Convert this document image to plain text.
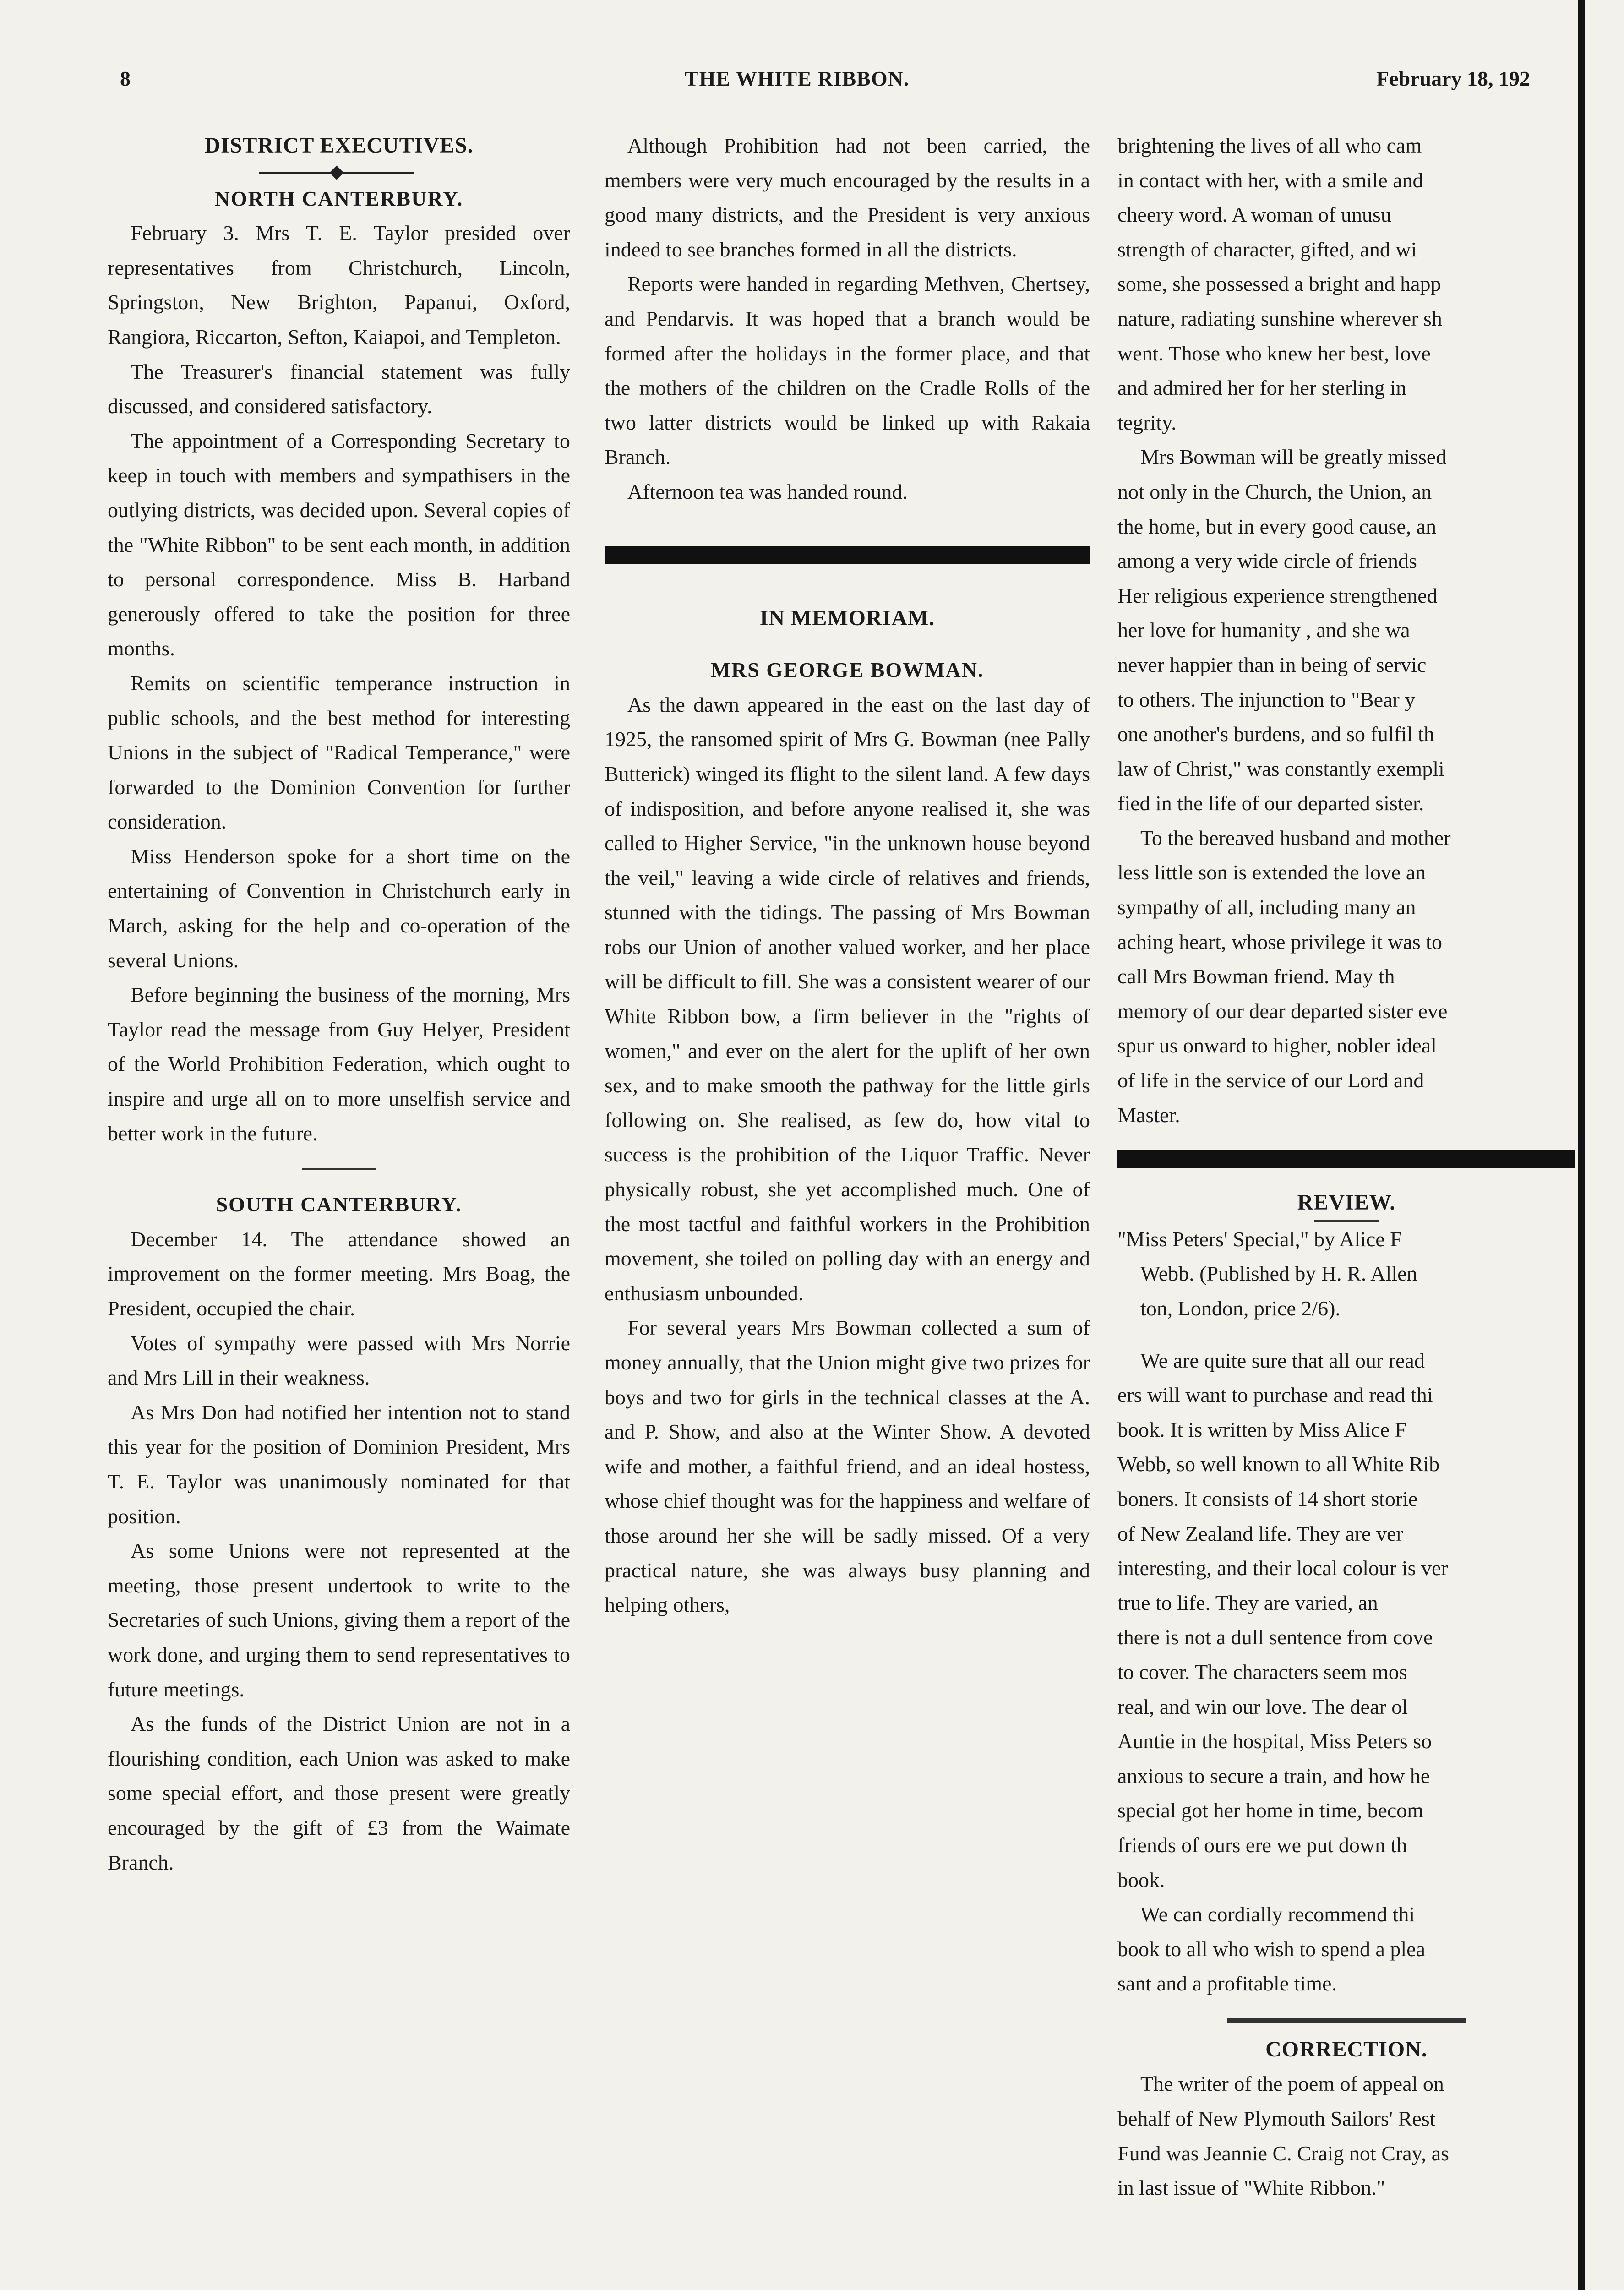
8	THE WHITE RIBBON.	February 18, 192
DISTRICT EXECUTIVES.
NORTH CANTERBURY.

February 3. Mrs T. E. Taylor presided over representatives from Christchurch, Lincoln, Springston, New Brighton, Papanui, Oxford, Rangiora, Riccarton, Sefton, Kaiapoi, and Templeton.

The Treasurer's financial statement was fully discussed, and considered satisfactory.

The appointment of a Corresponding Secretary to keep in touch with members and sympathisers in the outlying districts, was decided upon. Several copies of the "White Ribbon" to be sent each month, in addition to personal correspondence. Miss B. Harband generously offered to take the position for three months.

Remits on scientific temperance instruction in public schools, and the best method for interesting Unions in the subject of "Radical Temperance," were forwarded to the Dominion Convention for further consideration.

Miss Henderson spoke for a short time on the entertaining of Convention in Christchurch early in March, asking for the help and co-operation of the several Unions.

Before beginning the business of the morning, Mrs Taylor read the message from Guy Helyer, President of the World Prohibition Federation, which ought to inspire and urge all on to more unselfish service and better work in the future.

SOUTH CANTERBURY.

December 14. The attendance showed an improvement on the former meeting. Mrs Boag, the President, occupied the chair.

Votes of sympathy were passed with Mrs Norrie and Mrs Lill in their weakness.

As Mrs Don had notified her intention not to stand this year for the position of Dominion President, Mrs T. E. Taylor was unanimously nominated for that position.

As some Unions were not represented at the meeting, those present undertook to write to the Secretaries of such Unions, giving them a report of the work done, and urging them to send representatives to future meetings.

As the funds of the District Union are not in a flourishing condition, each Union was asked to make some special effort, and those present were greatly encouraged by the gift of £3 from the Waimate Branch.

Although Prohibition had not been carried, the members were very much encouraged by the results in a good many districts, and the President is very anxious indeed to see branches formed in all the districts.

Reports were handed in regarding Methven, Chertsey, and Pendarvis. It was hoped that a branch would be formed after the holidays in the former place, and that the mothers of the children on the Cradle Rolls of the two latter districts would be linked up with Rakaia Branch.

Afternoon tea was handed round.

IN MEMORIAM.
MRS GEORGE BOWMAN.

As the dawn appeared in the east on the last day of 1925, the ransomed spirit of Mrs G. Bowman (nee Pally Butterick) winged its flight to the silent land. A few days of indisposition, and before anyone realised it, she was called to Higher Service, "in the unknown house beyond the veil," leaving a wide circle of relatives and friends, stunned with the tidings. The passing of Mrs Bowman robs our Union of another valued worker, and her place will be difficult to fill. She was a consistent wearer of our White Ribbon bow, a firm believer in the "rights of women," and ever on the alert for the uplift of her own sex, and to make smooth the pathway for the little girls following on. She realised, as few do, how vital to success is the prohibition of the Liquor Traffic. Never physically robust, she yet accomplished much. One of the most tactful and faithful workers in the Prohibition movement, she toiled on polling day with an energy and enthusiasm unbounded.

For several years Mrs Bowman collected a sum of money annually, that the Union might give two prizes for boys and two for girls in the technical classes at the A. and P. Show, and also at the Winter Show. A devoted wife and mother, a faithful friend, and an ideal hostess, whose chief thought was for the happiness and welfare of those around her she will be sadly missed. Of a very practical nature, she was always busy planning and helping others,

brightening the lives of all who cam

in contact with her, with a smile and

cheery word. A woman of unusu

strength of character, gifted, and wi

some, she possessed a bright and happ

nature, radiating sunshine wherever sh

went. Those who knew her best, love

and admired her for her sterling in

tegrity.

Mrs Bowman will be greatly missed

not only in the Church, the Union, an

the home, but in every good cause, an

among a very wide circle of friends

Her religious experience strengthened

her love for humanity , and she wa

never happier than in being of servic

to others. The injunction to "Bear y

one another's burdens, and so fulfil th

law of Christ," was constantly exempli

fied in the life of our departed sister.

To the bereaved husband and mother

less little son is extended the love an

sympathy of all, including many an

aching heart, whose privilege it was to

call Mrs Bowman friend. May th

memory of our dear departed sister eve

spur us onward to higher, nobler ideal

of life in the service of our Lord and

Master.

REVIEW.

"Miss Peters' Special," by Alice F

Webb. (Published by H. R. Allen

ton, London, price 2/6).

We are quite sure that all our read

ers will want to purchase and read thi

book. It is written by Miss Alice F

Webb, so well known to all White Rib

boners. It consists of 14 short storie

of New Zealand life. They are ver

interesting, and their local colour is ver

true to life. They are varied, an

there is not a dull sentence from cove

to cover. The characters seem mos

real, and win our love. The dear ol

Auntie in the hospital, Miss Peters so

anxious to secure a train, and how he

special got her home in time, becom

friends of ours ere we put down th

book.

We can cordially recommend thi

book to all who wish to spend a plea

sant and a profitable time.

CORRECTION.

The writer of the poem of appeal on

behalf of New Plymouth Sailors' Rest

Fund was Jeannie C. Craig not Cray, as

in last issue of "White Ribbon."
